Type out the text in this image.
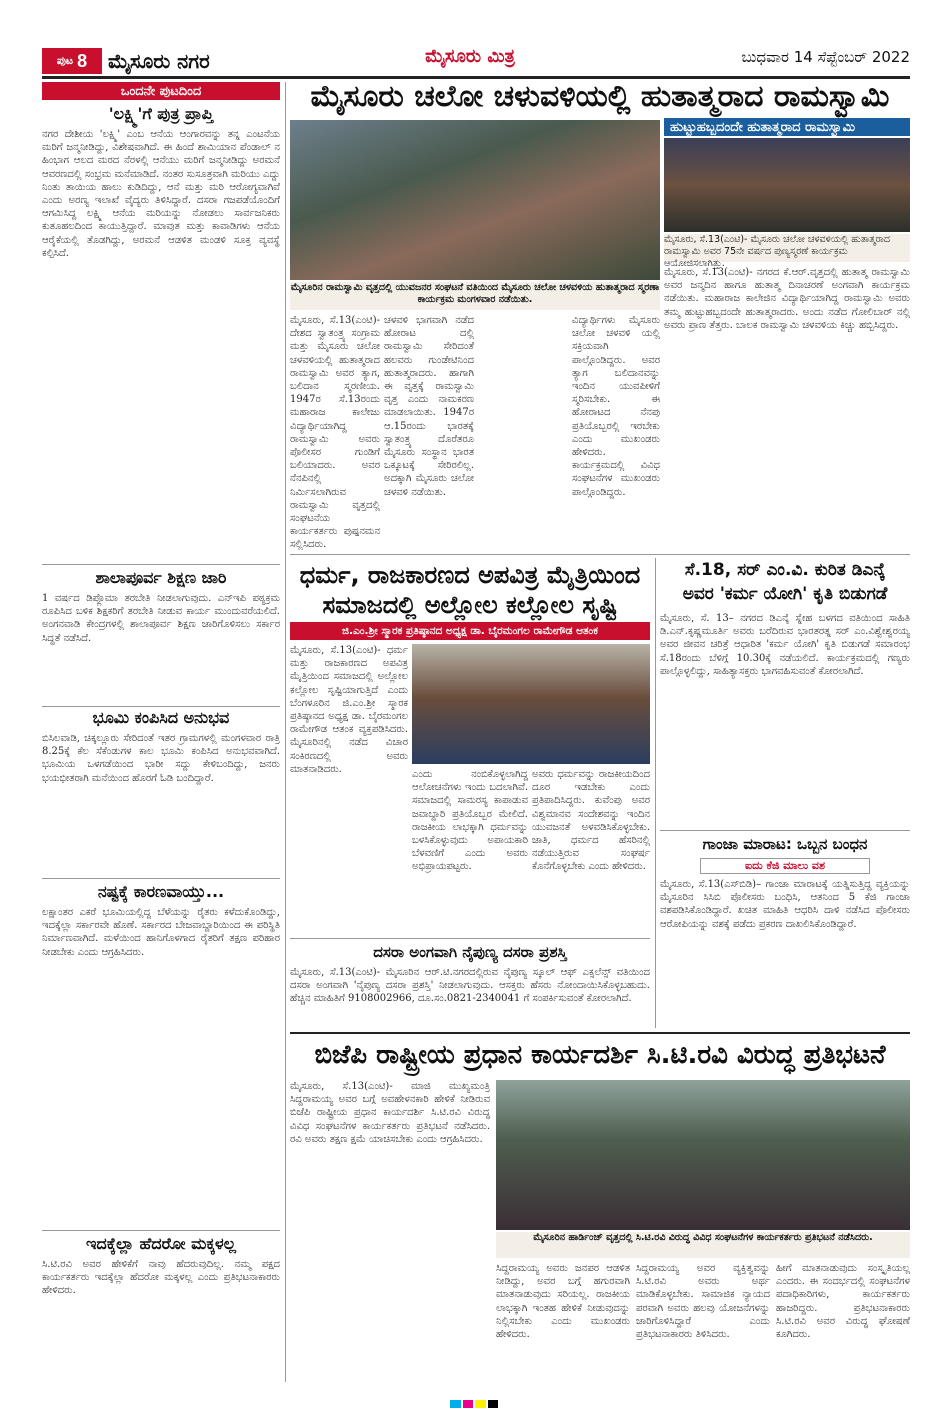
ಪುಟ 8 ಮೈಸೂರು ನಗರ	ಮೈಸೂರು ಮಿತ್ರ	ಬುಧವಾರ 14 ಸೆಪ್ಟೆಂಬರ್ 2022
ಒಂದನೇ ಪುಟದಿಂದ
'ಲಕ್ಷ್ಮಿ'ಗೆ ಪುತ್ರ ಪ್ರಾಪ್ತಿ
ನಗರ ದೇಶೀಯ 'ಲಕ್ಷ್ಮಿ' ಎಂಬ ಆನೆಯ ಆಂಗಾರವನ್ನು ತನ್ನ ಎಂಟನೆಯ ಮರಿಗೆ ಜನ್ಮನೀಡಿದ್ದು, ವಿಶೇಷವಾಗಿದೆ. ಈ ಹಿಂದೆ ಶಾಮಿಯಾನ ಪೆಂಡಾಲ್ ನ ಹಿಂಭಾಗ ಆಲದ ಮರದ ನೆರಳಲ್ಲಿ ಆನೆಯು ಮರಿಗೆ ಜನ್ಮನೀಡಿದ್ದು ಅರಮನೆ ಆವರಣದಲ್ಲಿ ಸಂಭ್ರಮ ಮನೆಮಾಡಿದೆ. ನಂತರ ಸುಸೂತ್ರವಾಗಿ ಮರಿಯು ಎದ್ದು ನಿಂತು ತಾಯಿಯ ಹಾಲು ಕುಡಿದಿದ್ದು, ಆನೆ ಮತ್ತು ಮರಿ ಆರೋಗ್ಯವಾಗಿವೆ ಎಂದು ಅರಣ್ಯ ಇಲಾಖೆ ವೈದ್ಯರು ತಿಳಿಸಿದ್ದಾರೆ. ದಸರಾ ಗಜಪಡೆಯೊಂದಿಗೆ ಆಗಮಿಸಿದ್ದ ಲಕ್ಷ್ಮಿ ಆನೆಯ ಮರಿಯನ್ನು ನೋಡಲು ಸಾರ್ವಜನಿಕರು ಕುತೂಹಲದಿಂದ ಕಾಯುತ್ತಿದ್ದಾರೆ. ಮಾವುತ ಮತ್ತು ಕಾವಾಡಿಗಳು ಆನೆಯ ಆರೈಕೆಯಲ್ಲಿ ತೊಡಗಿದ್ದು, ಅರಮನೆ ಆಡಳಿತ ಮಂಡಳಿ ಸೂಕ್ತ ವ್ಯವಸ್ಥೆ ಕಲ್ಪಿಸಿದೆ.
ಶಾಲಾಪೂರ್ವ ಶಿಕ್ಷಣ ಜಾರಿ
1 ವರ್ಷದ ಡಿಪ್ಲೊಮಾ ತರಬೇತಿ ನೀಡಲಾಗುವುದು. ಎನ್‌ಇಪಿ ಪಠ್ಯಕ್ರಮ ರೂಪಿಸಿದ ಬಳಿಕ ಶಿಕ್ಷಕರಿಗೆ ತರಬೇತಿ ನೀಡುವ ಕಾರ್ಯ ಮುಂದುವರೆಯಲಿದೆ. ಅಂಗನವಾಡಿ ಕೇಂದ್ರಗಳಲ್ಲಿ ಶಾಲಾಪೂರ್ವ ಶಿಕ್ಷಣ ಜಾರಿಗೊಳಿಸಲು ಸರ್ಕಾರ ಸಿದ್ಧತೆ ನಡೆಸಿದೆ.
ಭೂಮಿ ಕಂಪಿಸಿದ ಅನುಭವ
ಬಿಸಿಲವಾಡಿ, ಚಿಕ್ಕಲ್ಲೂರು ಸೇರಿದಂತೆ ಇತರ ಗ್ರಾಮಗಳಲ್ಲಿ ಮಂಗಳವಾರ ರಾತ್ರಿ 8.25ಕ್ಕೆ ಕೆಲ ಸೆಕೆಂಡುಗಳ ಕಾಲ ಭೂಮಿ ಕಂಪಿಸಿದ ಅನುಭವವಾಗಿದೆ. ಭೂಮಿಯ ಒಳಗಡೆಯಿಂದ ಭಾರೀ ಸದ್ದು ಕೇಳಿಬಂದಿದ್ದು, ಜನರು ಭಯಭೀತರಾಗಿ ಮನೆಯಿಂದ ಹೊರಗೆ ಓಡಿ ಬಂದಿದ್ದಾರೆ.
ನಷ್ಟಕ್ಕೆ ಕಾರಣವಾಯ್ತು...
ಲಕ್ಷಾಂತರ ಎಕರೆ ಭೂಮಿಯಲ್ಲಿದ್ದ ಬೆಳೆಯನ್ನು ರೈತರು ಕಳೆದುಕೊಂಡಿದ್ದು, ಇದಕ್ಕೆಲ್ಲಾ ಸರ್ಕಾರವೇ ಹೊಣೆ. ಸರ್ಕಾರದ ಬೇಜವಾಬ್ದಾರಿಯಿಂದ ಈ ಪರಿಸ್ಥಿತಿ ನಿರ್ಮಾಣವಾಗಿದೆ. ಮಳೆಯಿಂದ ಹಾನಿಗೊಳಗಾದ ರೈತರಿಗೆ ತಕ್ಷಣ ಪರಿಹಾರ ನೀಡಬೇಕು ಎಂದು ಆಗ್ರಹಿಸಿದರು.
ಇದಕ್ಕೆಲ್ಲಾ ಹೆದರೋ ಮಕ್ಕಳಲ್ಲ
ಸಿ.ಟಿ.ರವಿ ಅವರ ಹೇಳಿಕೆಗೆ ನಾವು ಹೆದರುವುದಿಲ್ಲ. ನಮ್ಮ ಪಕ್ಷದ ಕಾರ್ಯಕರ್ತರು ಇದಕ್ಕೆಲ್ಲಾ ಹೆದರೋ ಮಕ್ಕಳಲ್ಲ ಎಂದು ಪ್ರತಿಭಟನಾಕಾರರು ಹೇಳಿದರು.
ಮೈಸೂರು ಚಲೋ ಚಳುವಳಿಯಲ್ಲಿ ಹುತಾತ್ಮರಾದ ರಾಮಸ್ವಾಮಿ
ಮೈಸೂರಿನ ರಾಮಸ್ವಾಮಿ ವೃತ್ತದಲ್ಲಿ ಯುವಜನರ ಸಂಘಟನೆ ವತಿಯಿಂದ ಮೈಸೂರು ಚಲೋ ಚಳವಳಿಯ ಹುತಾತ್ಮರಾದ ಸ್ಮರಣಾ ಕಾರ್ಯಕ್ರಮ ಮಂಗಳವಾರ ನಡೆಯಿತು.
ಹುಟ್ಟುಹಬ್ಬದಂದೇ ಹುತಾತ್ಮರಾದ ರಾಮಸ್ವಾಮಿ
ಮೈಸೂರು, ಸೆ.13(ಎಂಟಿ)- ಮೈಸೂರು ಚಲೋ ಚಳವಳಿಯಲ್ಲಿ ಹುತಾತ್ಮರಾದ ರಾಮಸ್ವಾಮಿ ಅವರ 75ನೇ ವರ್ಷದ ಪುಣ್ಯಸ್ಮರಣೆ ಕಾರ್ಯಕ್ರಮ ಆಯೋಜಿಸಲಾಗಿತ್ತು.
ಮೈಸೂರು, ಸೆ.13(ಎಂಟಿ)- ದೇಶದ ಸ್ವಾತಂತ್ರ್ಯ ಸಂಗ್ರಾಮ ಮತ್ತು ಮೈಸೂರು ಚಲೋ ಚಳವಳಿಯಲ್ಲಿ ಹುತಾತ್ಮರಾದ ರಾಮಸ್ವಾಮಿ ಅವರ ತ್ಯಾಗ, ಬಲಿದಾನ ಸ್ಮರಣೀಯ. 1947ರ ಸೆ.13ರಂದು ಮಹಾರಾಜ ಕಾಲೇಜು ವಿದ್ಯಾರ್ಥಿಯಾಗಿದ್ದ ರಾಮಸ್ವಾಮಿ ಅವರು ಪೊಲೀಸರ ಗುಂಡಿಗೆ ಬಲಿಯಾದರು. ಅವರ ನೆನಪಿನಲ್ಲಿ ನಿರ್ಮಿಸಲಾಗಿರುವ ರಾಮಸ್ವಾಮಿ ವೃತ್ತದಲ್ಲಿ ಸಂಘಟನೆಯ ಕಾರ್ಯಕರ್ತರು ಪುಷ್ಪನಮನ ಸಲ್ಲಿಸಿದರು.
ಚಳವಳಿ ಭಾಗವಾಗಿ ನಡೆದ ಹೋರಾಟ ದಲ್ಲಿ ರಾಮಸ್ವಾಮಿ ಸೇರಿದಂತೆ ಹಲವರು ಗುಂಡೇಟಿನಿಂದ ಹುತಾತ್ಮರಾದರು. ಹಾಗಾಗಿ ಈ ವೃತ್ತಕ್ಕೆ ರಾಮಸ್ವಾಮಿ ವೃತ್ತ ಎಂದು ನಾಮಕರಣ ಮಾಡಲಾಯಿತು. 1947ರ ಆ.15ರಂದು ಭಾರತಕ್ಕೆ ಸ್ವಾತಂತ್ರ್ಯ ದೊರೆತರೂ ಮೈಸೂರು ಸಂಸ್ಥಾನ ಭಾರತ ಒಕ್ಕೂಟಕ್ಕೆ ಸೇರಿರಲಿಲ್ಲ. ಅದಕ್ಕಾಗಿ ಮೈಸೂರು ಚಲೋ ಚಳವಳಿ ನಡೆಯಿತು.
ವಿದ್ಯಾರ್ಥಿಗಳು ಮೈಸೂರು ಚಲೋ ಚಳವಳಿ ಯಲ್ಲಿ ಸಕ್ರಿಯವಾಗಿ ಪಾಲ್ಗೊಂಡಿದ್ದರು. ಅವರ ತ್ಯಾಗ ಬಲಿದಾನವನ್ನು ಇಂದಿನ ಯುವಪೀಳಿಗೆ ಸ್ಮರಿಸಬೇಕು. ಈ ಹೋರಾಟದ ನೆನಪು ಪ್ರತಿಯೊಬ್ಬರಲ್ಲಿ ಇರಬೇಕು ಎಂದು ಮುಖಂಡರು ಹೇಳಿದರು. ಕಾರ್ಯಕ್ರಮದಲ್ಲಿ ವಿವಿಧ ಸಂಘಟನೆಗಳ ಮುಖಂಡರು ಪಾಲ್ಗೊಂಡಿದ್ದರು.
ಮೈಸೂರು, ಸೆ.13(ಎಂಟಿ)- ನಗರದ ಕೆ.ಆರ್.ವೃತ್ತದಲ್ಲಿ ಹುತಾತ್ಮ ರಾಮಸ್ವಾಮಿ ಅವರ ಜನ್ಮದಿನ ಹಾಗೂ ಹುತಾತ್ಮ ದಿನಾಚರಣೆ ಅಂಗವಾಗಿ ಕಾರ್ಯಕ್ರಮ ನಡೆಯಿತು. ಮಹಾರಾಜ ಕಾಲೇಜಿನ ವಿದ್ಯಾರ್ಥಿಯಾಗಿದ್ದ ರಾಮಸ್ವಾಮಿ ಅವರು ತಮ್ಮ ಹುಟ್ಟುಹಬ್ಬದಂದೇ ಹುತಾತ್ಮರಾದರು. ಅಂದು ನಡೆದ ಗೋಲಿಬಾರ್ ನಲ್ಲಿ ಅವರು ಪ್ರಾಣ ತೆತ್ತರು. ಬಾಲಕ ರಾಮಸ್ವಾಮಿ ಚಳವಳಿಯ ಕಿಚ್ಚು ಹಬ್ಬಿಸಿದ್ದರು.
ಧರ್ಮ, ರಾಜಕಾರಣದ ಅಪವಿತ್ರ ಮೈತ್ರಿಯಿಂದ
ಸಮಾಜದಲ್ಲಿ ಅಲ್ಲೋಲ ಕಲ್ಲೋಲ ಸೃಷ್ಟಿ
ಜಿ.ಎಂ.ಶ್ರೀ ಸ್ಮಾರಕ ಪ್ರತಿಷ್ಠಾನದ ಅಧ್ಯಕ್ಷ ಡಾ. ಬೈರಮಂಗಲ ರಾಮೇಗೌಡ ಆತಂಕ
ಮೈಸೂರು, ಸೆ.13(ಎಂಟಿ)- ಧರ್ಮ ಮತ್ತು ರಾಜಕಾರಣದ ಅಪವಿತ್ರ ಮೈತ್ರಿಯಿಂದ ಸಮಾಜದಲ್ಲಿ ಅಲ್ಲೋಲ ಕಲ್ಲೋಲ ಸೃಷ್ಟಿಯಾಗುತ್ತಿದೆ ಎಂದು ಬೆಂಗಳೂರಿನ ಜಿ.ಎಂ.ಶ್ರೀ ಸ್ಮಾರಕ ಪ್ರತಿಷ್ಠಾನದ ಅಧ್ಯಕ್ಷ ಡಾ. ಬೈರಮಂಗಲ ರಾಮೇಗೌಡ ಆತಂಕ ವ್ಯಕ್ತಪಡಿಸಿದರು. ಮೈಸೂರಿನಲ್ಲಿ ನಡೆದ ವಿಚಾರ ಸಂಕಿರಣದಲ್ಲಿ ಅವರು ಮಾತನಾಡಿದರು.	ಎಂದು ನಂಬಿಕೊಳ್ಳಲಾಗಿದ್ದ ಆಲೋಚನೆಗಳು ಇಂದು ಬದಲಾಗಿವೆ. ಸಮಾಜದಲ್ಲಿ ಸಾಮರಸ್ಯ ಕಾಪಾಡುವ ಜವಾಬ್ದಾರಿ ಪ್ರತಿಯೊಬ್ಬರ ಮೇಲಿದೆ. ರಾಜಕೀಯ ಲಾಭಕ್ಕಾಗಿ ಧರ್ಮವನ್ನು ಬಳಸಿಕೊಳ್ಳುವುದು ಅಪಾಯಕಾರಿ ಬೆಳವಣಿಗೆ ಎಂದು ಅವರು ಅಭಿಪ್ರಾಯಪಟ್ಟರು.
ಅವರು ಧರ್ಮವನ್ನು ರಾಜಕೀಯದಿಂದ ದೂರ ಇಡಬೇಕು ಎಂದು ಪ್ರತಿಪಾದಿಸಿದ್ದರು. ಕುವೆಂಪು ಅವರ ವಿಶ್ವಮಾನವ ಸಂದೇಶವನ್ನು ಇಂದಿನ ಯುವಜನತೆ ಅಳವಡಿಸಿಕೊಳ್ಳಬೇಕು. ಜಾತಿ, ಧರ್ಮದ ಹೆಸರಿನಲ್ಲಿ ನಡೆಯುತ್ತಿರುವ ಸಂಘರ್ಷ ಕೊನೆಗೊಳ್ಳಬೇಕು ಎಂದು ಹೇಳಿದರು.
ಸೆ.18, ಸರ್ ಎಂ.ವಿ. ಕುರಿತ ಡಿಎನ್ಕೆ
ಅವರ 'ಕರ್ಮ ಯೋಗಿ' ಕೃತಿ ಬಿಡುಗಡೆ
ಮೈಸೂರು, ಸೆ. 13– ನಗರದ ಡಿಎನ್ಕೆ ಸ್ನೇಹ ಬಳಗದ ವತಿಯಿಂದ ಸಾಹಿತಿ ಡಿ.ಎನ್.ಕೃಷ್ಣಮೂರ್ತಿ ಅವರು ಬರೆದಿರುವ ಭಾರತರತ್ನ ಸರ್ ಎಂ.ವಿಶ್ವೇಶ್ವರಯ್ಯ ಅವರ ಜೀವನ ಚರಿತ್ರೆ ಆಧಾರಿತ 'ಕರ್ಮ ಯೋಗಿ' ಕೃತಿ ಬಿಡುಗಡೆ ಸಮಾರಂಭ ಸೆ.18ರಂದು ಬೆಳಿಗ್ಗೆ 10.30ಕ್ಕೆ ನಡೆಯಲಿದೆ. ಕಾರ್ಯಕ್ರಮದಲ್ಲಿ ಗಣ್ಯರು ಪಾಲ್ಗೊಳ್ಳಲಿದ್ದು, ಸಾಹಿತ್ಯಾಸಕ್ತರು ಭಾಗವಹಿಸುವಂತೆ ಕೋರಲಾಗಿದೆ.
ಗಾಂಜಾ ಮಾರಾಟ: ಒಬ್ಬನ ಬಂಧನ
ಐದು ಕೆಜಿ ಮಾಲು ವಶ
ಮೈಸೂರು, ಸೆ.13(ಎಸ್‌ಬಿಡಿ)– ಗಾಂಜಾ ಮಾರಾಟಕ್ಕೆ ಯತ್ನಿಸುತ್ತಿದ್ದ ವ್ಯಕ್ತಿಯನ್ನು ಮೈಸೂರಿನ ಸಿಸಿಬಿ ಪೊಲೀಸರು ಬಂಧಿಸಿ, ಆತನಿಂದ 5 ಕೆಜಿ ಗಾಂಜಾ ವಶಪಡಿಸಿಕೊಂಡಿದ್ದಾರೆ. ಖಚಿತ ಮಾಹಿತಿ ಆಧರಿಸಿ ದಾಳಿ ನಡೆಸಿದ ಪೊಲೀಸರು ಆರೋಪಿಯನ್ನು ವಶಕ್ಕೆ ಪಡೆದು ಪ್ರಕರಣ ದಾಖಲಿಸಿಕೊಂಡಿದ್ದಾರೆ.
ದಸರಾ ಅಂಗವಾಗಿ ನೈಪುಣ್ಯ ದಸರಾ ಪ್ರಶಸ್ತಿ
ಮೈಸೂರು, ಸೆ.13(ಎಂಟಿ)- ಮೈಸೂರಿನ ಆರ್.ಟಿ.ನಗರದಲ್ಲಿರುವ ನೈಪುಣ್ಯ ಸ್ಕೂಲ್ ಆಫ್ ಎಕ್ಸಲೆನ್ಸ್ ವತಿಯಿಂದ ದಸರಾ ಅಂಗವಾಗಿ 'ನೈಪುಣ್ಯ ದಸರಾ ಪ್ರಶಸ್ತಿ' ನೀಡಲಾಗುವುದು. ಆಸಕ್ತರು ಹೆಸರು ನೋಂದಾಯಿಸಿಕೊಳ್ಳಬಹುದು. ಹೆಚ್ಚಿನ ಮಾಹಿತಿಗೆ 9108002966, ದೂ.ಸಂ.0821-2340041 ಗೆ ಸಂಪರ್ಕಿಸುವಂತೆ ಕೋರಲಾಗಿದೆ.
ಬಿಜೆಪಿ ರಾಷ್ಟ್ರೀಯ ಪ್ರಧಾನ ಕಾರ್ಯದರ್ಶಿ ಸಿ.ಟಿ.ರವಿ ವಿರುದ್ಧ ಪ್ರತಿಭಟನೆ
ಮೈಸೂರು, ಸೆ.13(ಎಂಟಿ)- ಮಾಜಿ ಮುಖ್ಯಮಂತ್ರಿ ಸಿದ್ದರಾಮಯ್ಯ ಅವರ ಬಗ್ಗೆ ಅವಹೇಳನಕಾರಿ ಹೇಳಿಕೆ ನೀಡಿರುವ ಬಿಜೆಪಿ ರಾಷ್ಟ್ರೀಯ ಪ್ರಧಾನ ಕಾರ್ಯದರ್ಶಿ ಸಿ.ಟಿ.ರವಿ ವಿರುದ್ಧ ವಿವಿಧ ಸಂಘಟನೆಗಳ ಕಾರ್ಯಕರ್ತರು ಪ್ರತಿಭಟನೆ ನಡೆಸಿದರು. ರವಿ ಅವರು ತಕ್ಷಣ ಕ್ಷಮೆ ಯಾಚಿಸಬೇಕು ಎಂದು ಆಗ್ರಹಿಸಿದರು.
ಮೈಸೂರಿನ ಹಾರ್ಡಿಂಜ್ ವೃತ್ತದಲ್ಲಿ ಸಿ.ಟಿ.ರವಿ ವಿರುದ್ಧ ವಿವಿಧ ಸಂಘಟನೆಗಳ ಕಾರ್ಯಕರ್ತರು ಪ್ರತಿಭಟನೆ ನಡೆಸಿದರು.
ಸಿದ್ದರಾಮಯ್ಯ ಅವರು ಜನಪರ ಆಡಳಿತ ನೀಡಿದ್ದು, ಅವರ ಬಗ್ಗೆ ಹಗುರವಾಗಿ ಮಾತನಾಡುವುದು ಸರಿಯಲ್ಲ. ರಾಜಕೀಯ ಲಾಭಕ್ಕಾಗಿ ಇಂತಹ ಹೇಳಿಕೆ ನೀಡುವುದನ್ನು ನಿಲ್ಲಿಸಬೇಕು ಎಂದು ಮುಖಂಡರು ಹೇಳಿದರು.
ಸಿದ್ದರಾಮಯ್ಯ ಅವರ ವ್ಯಕ್ತಿತ್ವವನ್ನು ಸಿ.ಟಿ.ರವಿ ಅವರು ಅರ್ಥ ಮಾಡಿಕೊಳ್ಳಬೇಕು. ಸಾಮಾಜಿಕ ನ್ಯಾಯದ ಪರವಾಗಿ ಅವರು ಹಲವು ಯೋಜನೆಗಳನ್ನು ಜಾರಿಗೊಳಿಸಿದ್ದಾರೆ ಎಂದು ಪ್ರತಿಭಟನಾಕಾರರು ತಿಳಿಸಿದರು.
ಹೀಗೆ ಮಾತನಾಡುವುದು ಸಂಸ್ಕೃತಿಯಲ್ಲ ಎಂದರು. ಈ ಸಂದರ್ಭದಲ್ಲಿ ಸಂಘಟನೆಗಳ ಪದಾಧಿಕಾರಿಗಳು, ಕಾರ್ಯಕರ್ತರು ಹಾಜರಿದ್ದರು. ಪ್ರತಿಭಟನಾಕಾರರು ಸಿ.ಟಿ.ರವಿ ಅವರ ವಿರುದ್ಧ ಘೋಷಣೆ ಕೂಗಿದರು.
